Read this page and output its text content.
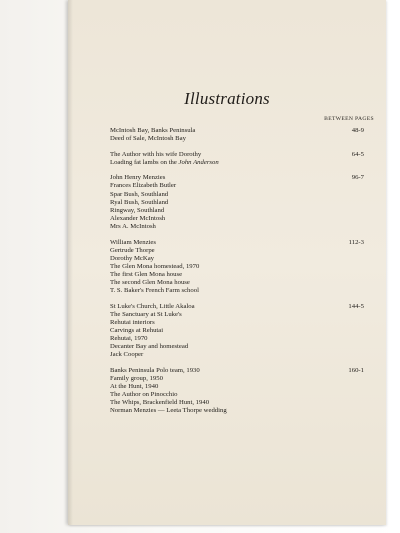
Illustrations
BETWEEN PAGES
48-9
McIntosh Bay, Banks Peninsula
Deed of Sale, McIntosh Bay
64-5
The Author with his wife Dorothy
Loading fat lambs on the John Anderson
96-7
John Henry Menzies
Frances Elizabeth Butler
Spar Bush, Southland
Ryal Bush, Southland
Ringway, Southland
Alexander McIntosh
Mrs A. McIntosh
112-3
William Menzies
Gertrude Thorpe
Dorothy McKay
The Glen Mona homestead, 1970
The first Glen Mona house
The second Glen Mona house
T. S. Baker's French Farm school
144-5
St Luke's Church, Little Akaloa
The Sanctuary at St Luke's
Rehutai interiors
Carvings at Rehutai
Rehutai, 1970
Decanter Bay and homestead
Jack Cooper
160-1
Banks Peninsula Polo team, 1930
Family group, 1950
At the Hunt, 1940
The Author on Pinocchio
The Whips, Brackenfield Hunt, 1940
Norman Menzies — Leeta Thorpe wedding
